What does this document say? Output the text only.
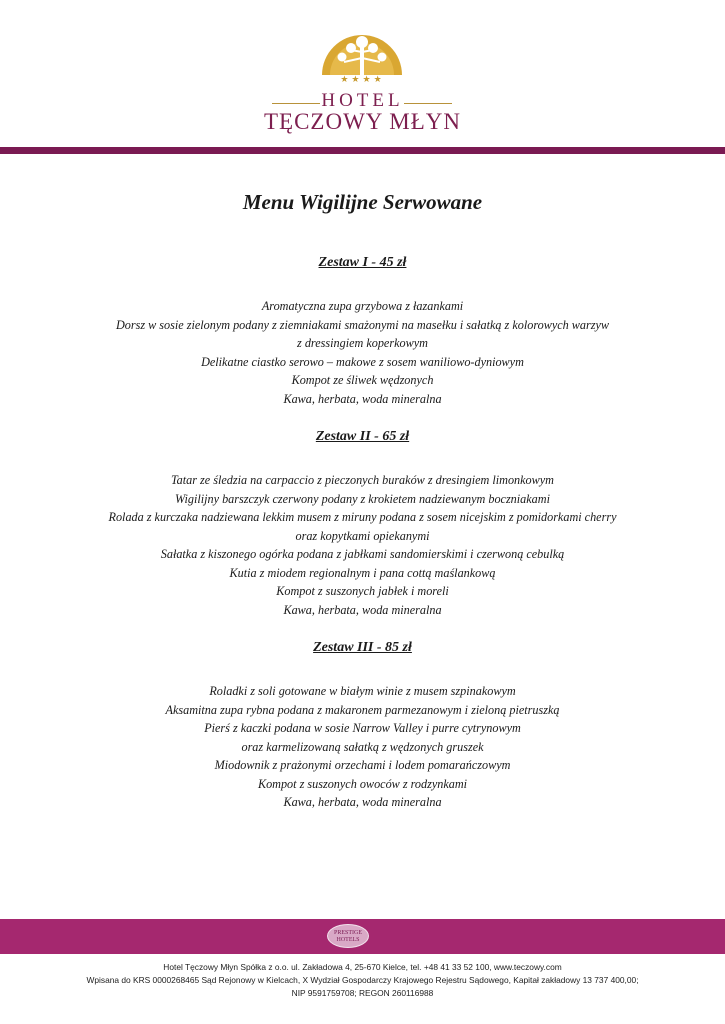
★★★★
HOTEL
TĘCZOWY MŁYN
Menu Wigilijne Serwowane
Zestaw I - 45 zł
Aromatyczna zupa grzybowa z łazankami
Dorsz w sosie zielonym podany z ziemniakami smażonymi na masełku i sałatką z kolorowych warzyw
z dressingiem koperkowym
Delikatne ciastko serowo – makowe z sosem waniliowo-dyniowym
Kompot ze śliwek wędzonych
Kawa, herbata, woda mineralna
Zestaw II - 65 zł
Tatar ze śledzia na carpaccio z pieczonych buraków z dresingiem limonkowym
Wigilijny barszczyk czerwony podany z krokietem nadziewanym boczniakami
Rolada z kurczaka nadziewana lekkim musem z miruny podana z sosem nicejskim z pomidorkami cherry
oraz kopytkami opiekanymi
Sałatka z kiszonego ogórka podana z jabłkami sandomierskimi i czerwoną cebulką
Kutia z miodem regionalnym i pana cottą maślankową
Kompot z suszonych jabłek i moreli
Kawa, herbata, woda mineralna
Zestaw III - 85 zł
Roladki z soli gotowane w białym winie z musem szpinakowym
Aksamitna zupa rybna podana z makaronem parmezanowym i zieloną pietruszką
Pierś z kaczki podana w sosie Narrow Valley i purre cytrynowym
oraz karmelizowaną sałatką z wędzonych gruszek
Miodownik z prażonymi orzechami i lodem pomarańczowym
Kompot z suszonych owoców z rodzynkami
Kawa, herbata, woda mineralna
PRESTIGE
HOTELS
Hotel Tęczowy Młyn Spółka z o.o. ul. Zakładowa 4, 25-670 Kielce, tel. +48 41 33 52 100, www.teczowy.com
Wpisana do KRS 0000268465 Sąd Rejonowy w Kielcach, X Wydział Gospodarczy Krajowego Rejestru Sądowego, Kapitał zakładowy 13 737 400,00;
NIP 9591759708; REGON 260116988
